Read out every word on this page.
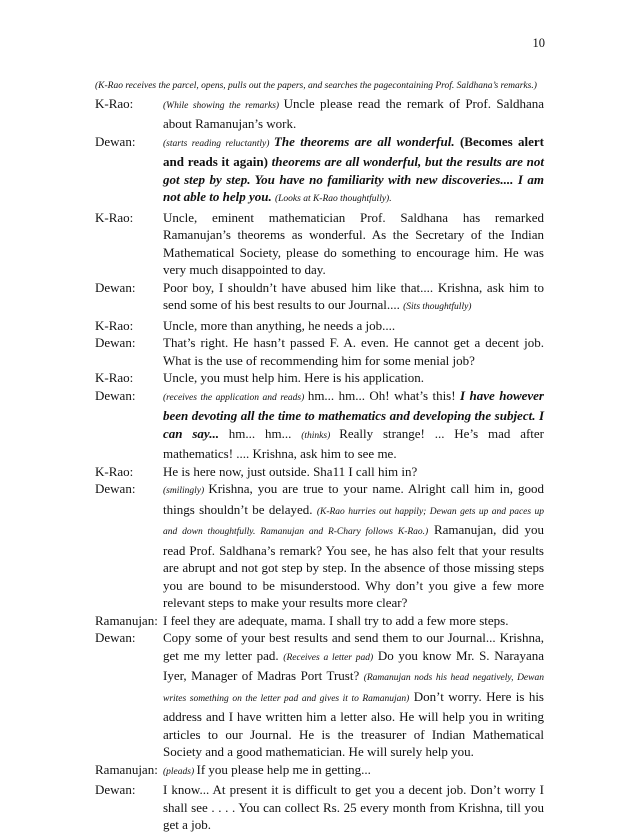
10

(K-Rao receives the parcel, opens, pulls out the papers, and searches the pagecontaining Prof. Saldhana’s remarks.)

K-Rao:	(While showing the remarks) Uncle please read the remark of Prof. Saldhana about Ramanujan’s work.
Dewan:	(starts reading reluctantly) The theorems are all wonderful. (Becomes alert and reads it again) theorems are all wonderful, but the results are not got step by step. You have no familiarity with new discoveries.... I am not able to help you. (Looks at K-Rao thoughtfully).
K-Rao:	Uncle, eminent mathematician Prof. Saldhana has remarked Ramanujan’s theorems as wonderful. As the Secretary of the Indian Mathematical Society, please do something to encourage him. He was very much disappointed to day.
Dewan:	Poor boy, I shouldn’t have abused him like that.... Krishna, ask him to send some of his best results to our Journal.... (Sits thoughtfully)
K-Rao:	Uncle, more than anything, he needs a job....
Dewan:	That’s right. He hasn’t passed F. A. even. He cannot get a decent job. What is the use of recommending him for some menial job?
K-Rao:	Uncle, you must help him. Here is his application.
Dewan:	(receives the application and reads) hm... hm... Oh! what’s this! I have however been devoting all the time to mathematics and developing the subject. I can say... hm... hm... (thinks) Really strange! ... He’s mad after mathematics! .... Krishna, ask him to see me.
K-Rao:	He is here now, just outside. Sha11 I call him in?
Dewan:	(smilingly) Krishna, you are true to your name. Alright call him in, good things shouldn’t be delayed. (K-Rao hurries out happily; Dewan gets up and paces up and down thoughtfully. Ramanujan and R-Chary follows K-Rao.) Ramanujan, did you read Prof. Saldhana’s remark? You see, he has also felt that your results are abrupt and not got step by step. In the absence of those missing steps you are bound to be misunderstood. Why don’t you give a few more relevant steps to make your results more clear?
Ramanujan: I feel they are adequate, mama. I shall try to add a few more steps.
Dewan:	Copy some of your best results and send them to our Journal... Krishna, get me my letter pad. (Receives a letter pad) Do you know Mr. S. Narayana Iyer, Manager of Madras Port Trust? (Ramanujan nods his head negatively, Dewan writes something on the letter pad and gives it to Ramanujan) Don’t worry. Here is his address and I have written him a letter also. He will help you in writing articles to our Journal. He is the treasurer of Indian Mathematical Society and a good mathematician. He will surely help you.
Ramanujan: (pleads) If you please help me in getting...
Dewan:	I know... At present it is difficult to get you a decent job. Don’t worry I shall see . . . . You can collect Rs. 25 every month from Krishna, till you get a job.
